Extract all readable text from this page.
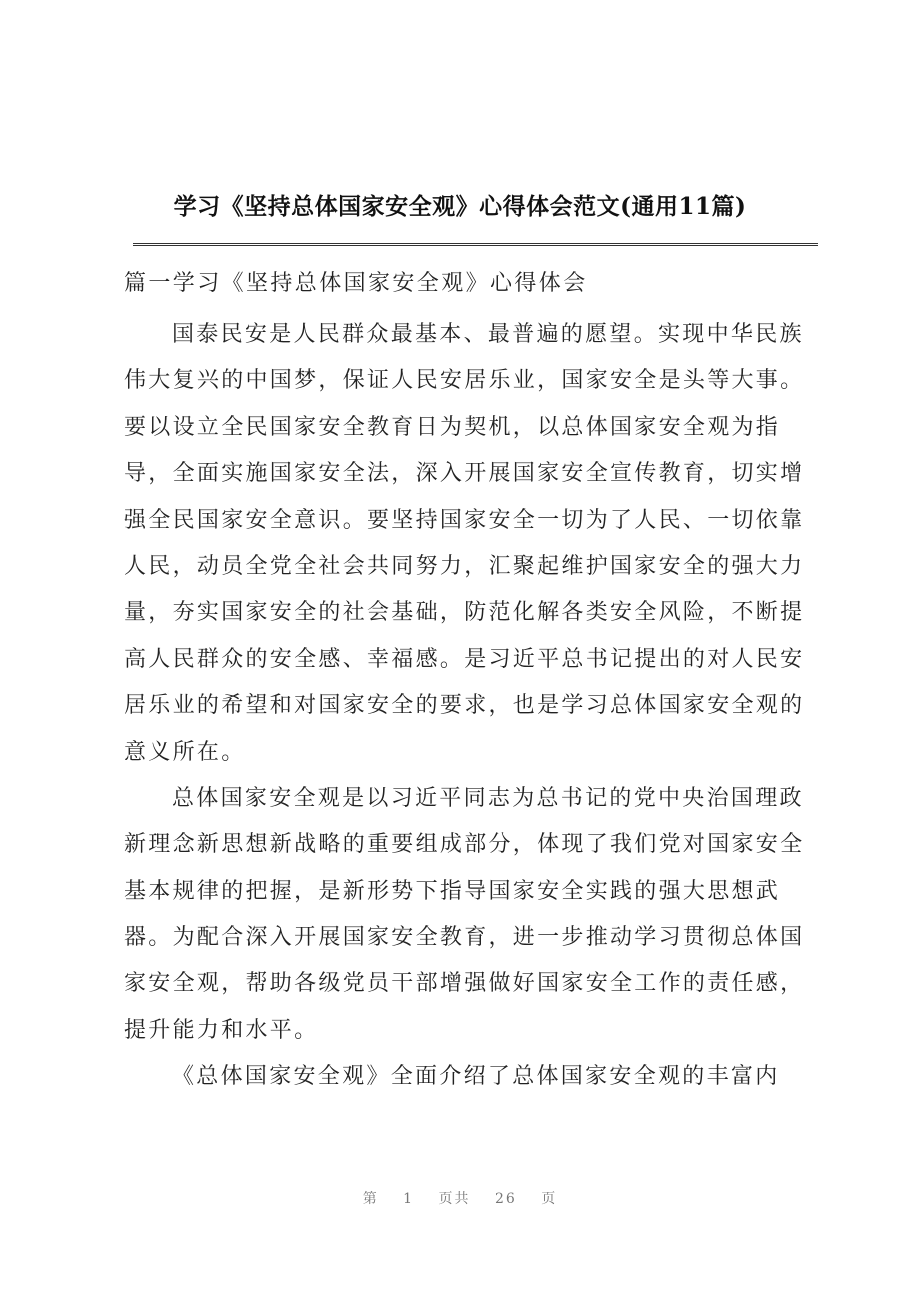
学习《坚持总体国家安全观》心得体会范文(通用11篇)
篇一学习《坚持总体国家安全观》心得体会
国泰民安是人民群众最基本、最普遍的愿望。实现中华民族
伟大复兴的中国梦，保证人民安居乐业，国家安全是头等大事。
要以设立全民国家安全教育日为契机，以总体国家安全观为指
导，全面实施国家安全法，深入开展国家安全宣传教育，切实增
强全民国家安全意识。要坚持国家安全一切为了人民、一切依靠
人民，动员全党全社会共同努力，汇聚起维护国家安全的强大力
量，夯实国家安全的社会基础，防范化解各类安全风险，不断提
高人民群众的安全感、幸福感。是习近平总书记提出的对人民安
居乐业的希望和对国家安全的要求，也是学习总体国家安全观的
意义所在。
总体国家安全观是以习近平同志为总书记的党中央治国理政
新理念新思想新战略的重要组成部分，体现了我们党对国家安全
基本规律的把握，是新形势下指导国家安全实践的强大思想武
器。为配合深入开展国家安全教育，进一步推动学习贯彻总体国
家安全观，帮助各级党员干部增强做好国家安全工作的责任感，
提升能力和水平。
《总体国家安全观》全面介绍了总体国家安全观的丰富内
第 1 页共 26 页
